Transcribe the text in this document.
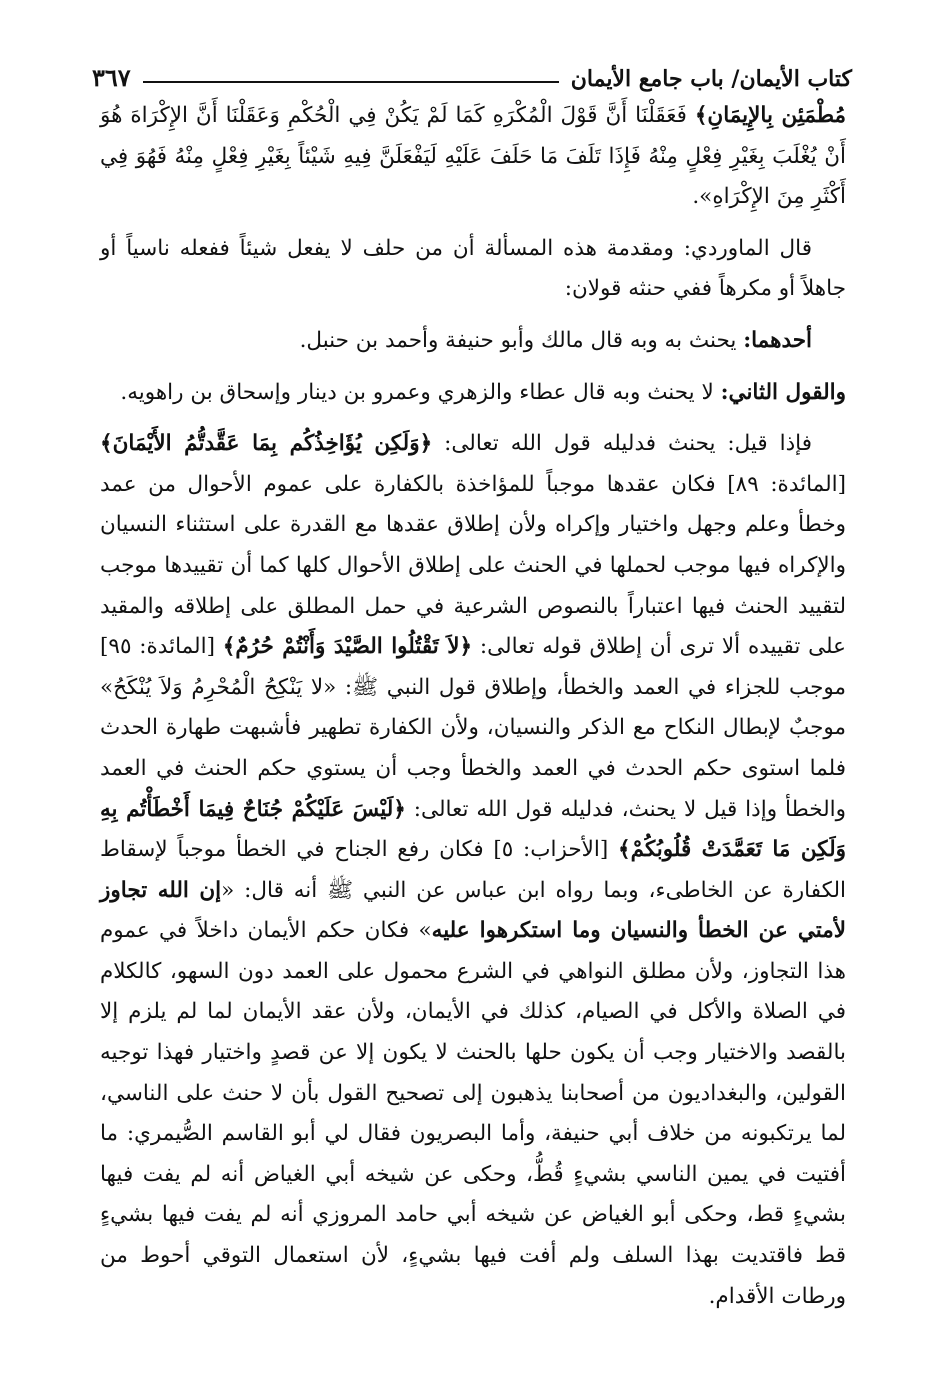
كتاب الأيمان/ باب جامع الأيمان
٣٦٧

مُطْمَئِن بِالإِيمَانِ﴾ فَعَقَلْنَا أَنَّ قَوْلَ الْمُكْرَهِ كَمَا لَمْ يَكُنْ فِي الْحُكْمِ وَعَقَلْنَا أَنَّ الإِكْرَاهَ هُوَ أَنْ يُغْلَبَ بِغَيْرِ فِعْلٍ مِنْهُ فَإِذَا تَلَفَ مَا حَلَفَ عَلَيْهِ لَيَفْعَلَنَّ فِيهِ شَيْئاً بِغَيْرِ فِعْلٍ مِنْهُ فَهُوَ فِي أَكْثَرِ مِنَ الإِكْرَاهِ».

قال الماوردي: ومقدمة هذه المسألة أن من حلف لا يفعل شيئاً ففعله ناسياً أو جاهلاً أو مكرهاً ففي حنثه قولان:

أحدهما: يحنث به وبه قال مالك وأبو حنيفة وأحمد بن حنبل.

والقول الثاني: لا يحنث وبه قال عطاء والزهري وعمرو بن دينار وإسحاق بن راهويه.

فإذا قيل: يحنث فدليله قول الله تعالى: ﴿وَلَكِن يُؤَاخِذُكُم بِمَا عَقَّدتُّمُ الأَيْمَانَ﴾ [المائدة: ٨٩] فكان عقدها موجباً للمؤاخذة بالكفارة على عموم الأحوال من عمد وخطأ وعلم وجهل واختيار وإكراه ولأن إطلاق عقدها مع القدرة على استثناء النسيان والإكراه فيها موجب لحملها في الحنث على إطلاق الأحوال كلها كما أن تقييدها موجب لتقييد الحنث فيها اعتباراً بالنصوص الشرعية في حمل المطلق على إطلاقه والمقيد على تقييده ألا ترى أن إطلاق قوله تعالى: ﴿لاَ تَقْتُلُوا الصَّيْدَ وَأَنْتُمْ حُرُمٌ﴾ [المائدة: ٩٥] موجب للجزاء في العمد والخطأ، وإطلاق قول النبي ﷺ: «لا يَنْكِحُ الْمُحْرِمُ وَلاَ يُنْكَحُ» موجبٌ لإبطال النكاح مع الذكر والنسيان، ولأن الكفارة تطهير فأشبهت طهارة الحدث فلما استوى حكم الحدث في العمد والخطأ وجب أن يستوي حكم الحنث في العمد والخطأ وإذا قيل لا يحنث، فدليله قول الله تعالى: ﴿لَيْسَ عَلَيْكُمْ جُنَاحٌ فِيمَا أَخْطَأْتُم بِهِ وَلَكِن مَا تَعَمَّدَتْ قُلُوبُكُمْ﴾ [الأحزاب: ٥] فكان رفع الجناح في الخطأ موجباً لإسقاط الكفارة عن الخاطىء، وبما رواه ابن عباس عن النبي ﷺ أنه قال: «إن الله تجاوز لأمتي عن الخطأ والنسيان وما استكرهوا عليه» فكان حكم الأيمان داخلاً في عموم هذا التجاوز، ولأن مطلق النواهي في الشرع محمول على العمد دون السهو، كالكلام في الصلاة والأكل في الصيام، كذلك في الأيمان، ولأن عقد الأيمان لما لم يلزم إلا بالقصد والاختيار وجب أن يكون حلها بالحنث لا يكون إلا عن قصدٍ واختيار فهذا توجيه القولين، والبغداديون من أصحابنا يذهبون إلى تصحيح القول بأن لا حنث على الناسي، لما يرتكبونه من خلاف أبي حنيفة، وأما البصريون فقال لي أبو القاسم الصُّيمري: ما أفتيت في يمين الناسي بشيءٍ قُطُّ، وحكى عن شيخه أبي الغياض أنه لم يفت فيها بشيءٍ قط، وحكى أبو الغياض عن شيخه أبي حامد المروزي أنه لم يفت فيها بشيءٍ قط فاقتديت بهذا السلف ولم أفت فيها بشيءٍ، لأن استعمال التوقي أحوط من ورطات الأقدام.
